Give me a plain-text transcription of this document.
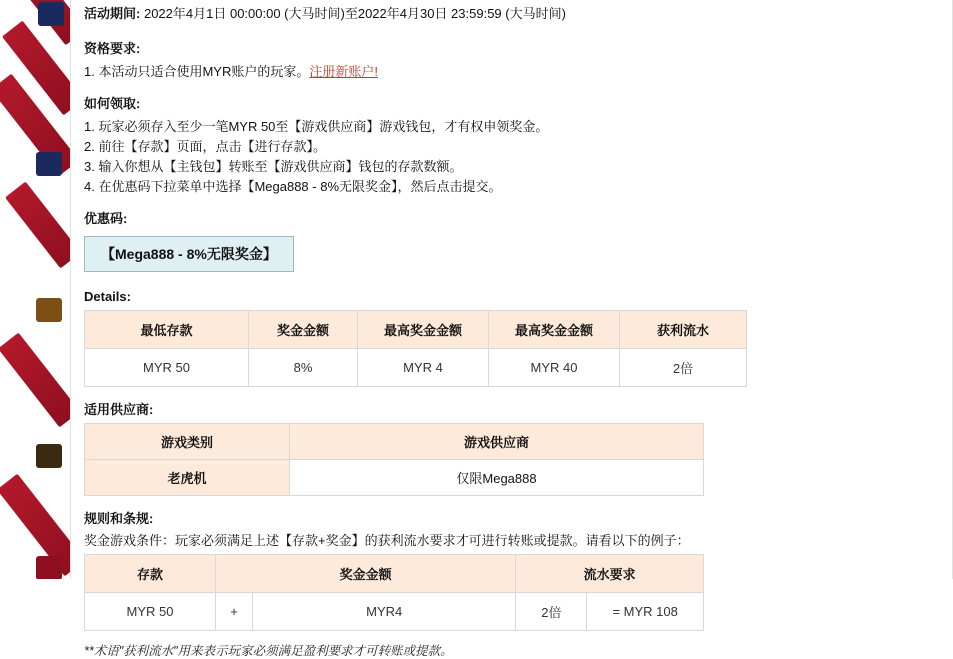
活动期间: 2022年4月1日 00:00:00 (大马时间)至2022年4月30日 23:59:59 (大马时间)
资格要求:
1. 本活动只适合使用MYR账户的玩家。注册新账户!
如何领取:
1. 玩家必须存入至少一笔MYR 50至【游戏供应商】游戏钱包，才有权申领奖金。
2. 前往【存款】页面，点击【进行存款】。
3. 输入你想从【主钱包】转账至【游戏供应商】钱包的存款数额。
4. 在优惠码下拉菜单中选择【Mega888 - 8%无限奖金】，然后点击提交。
优惠码:
【Mega888 - 8%无限奖金】
Details:
最低存款	奖金金额	最高奖金金额	最高奖金金额	获利流水
MYR 50	8%	MYR 4	MYR 40	2倍
适用供应商:
游戏类别	游戏供应商
老虎机	仅限Mega888
规则和条规:
奖金游戏条件：玩家必须满足上述【存款+奖金】的获利流水要求才可进行转账或提款。请看以下的例子：
存款	奖金金额		流水要求	
MYR 50	+	MYR4	2倍	= MYR 108
**术语"获利流水"用来表示玩家必须满足盈利要求才可转账或提款。
